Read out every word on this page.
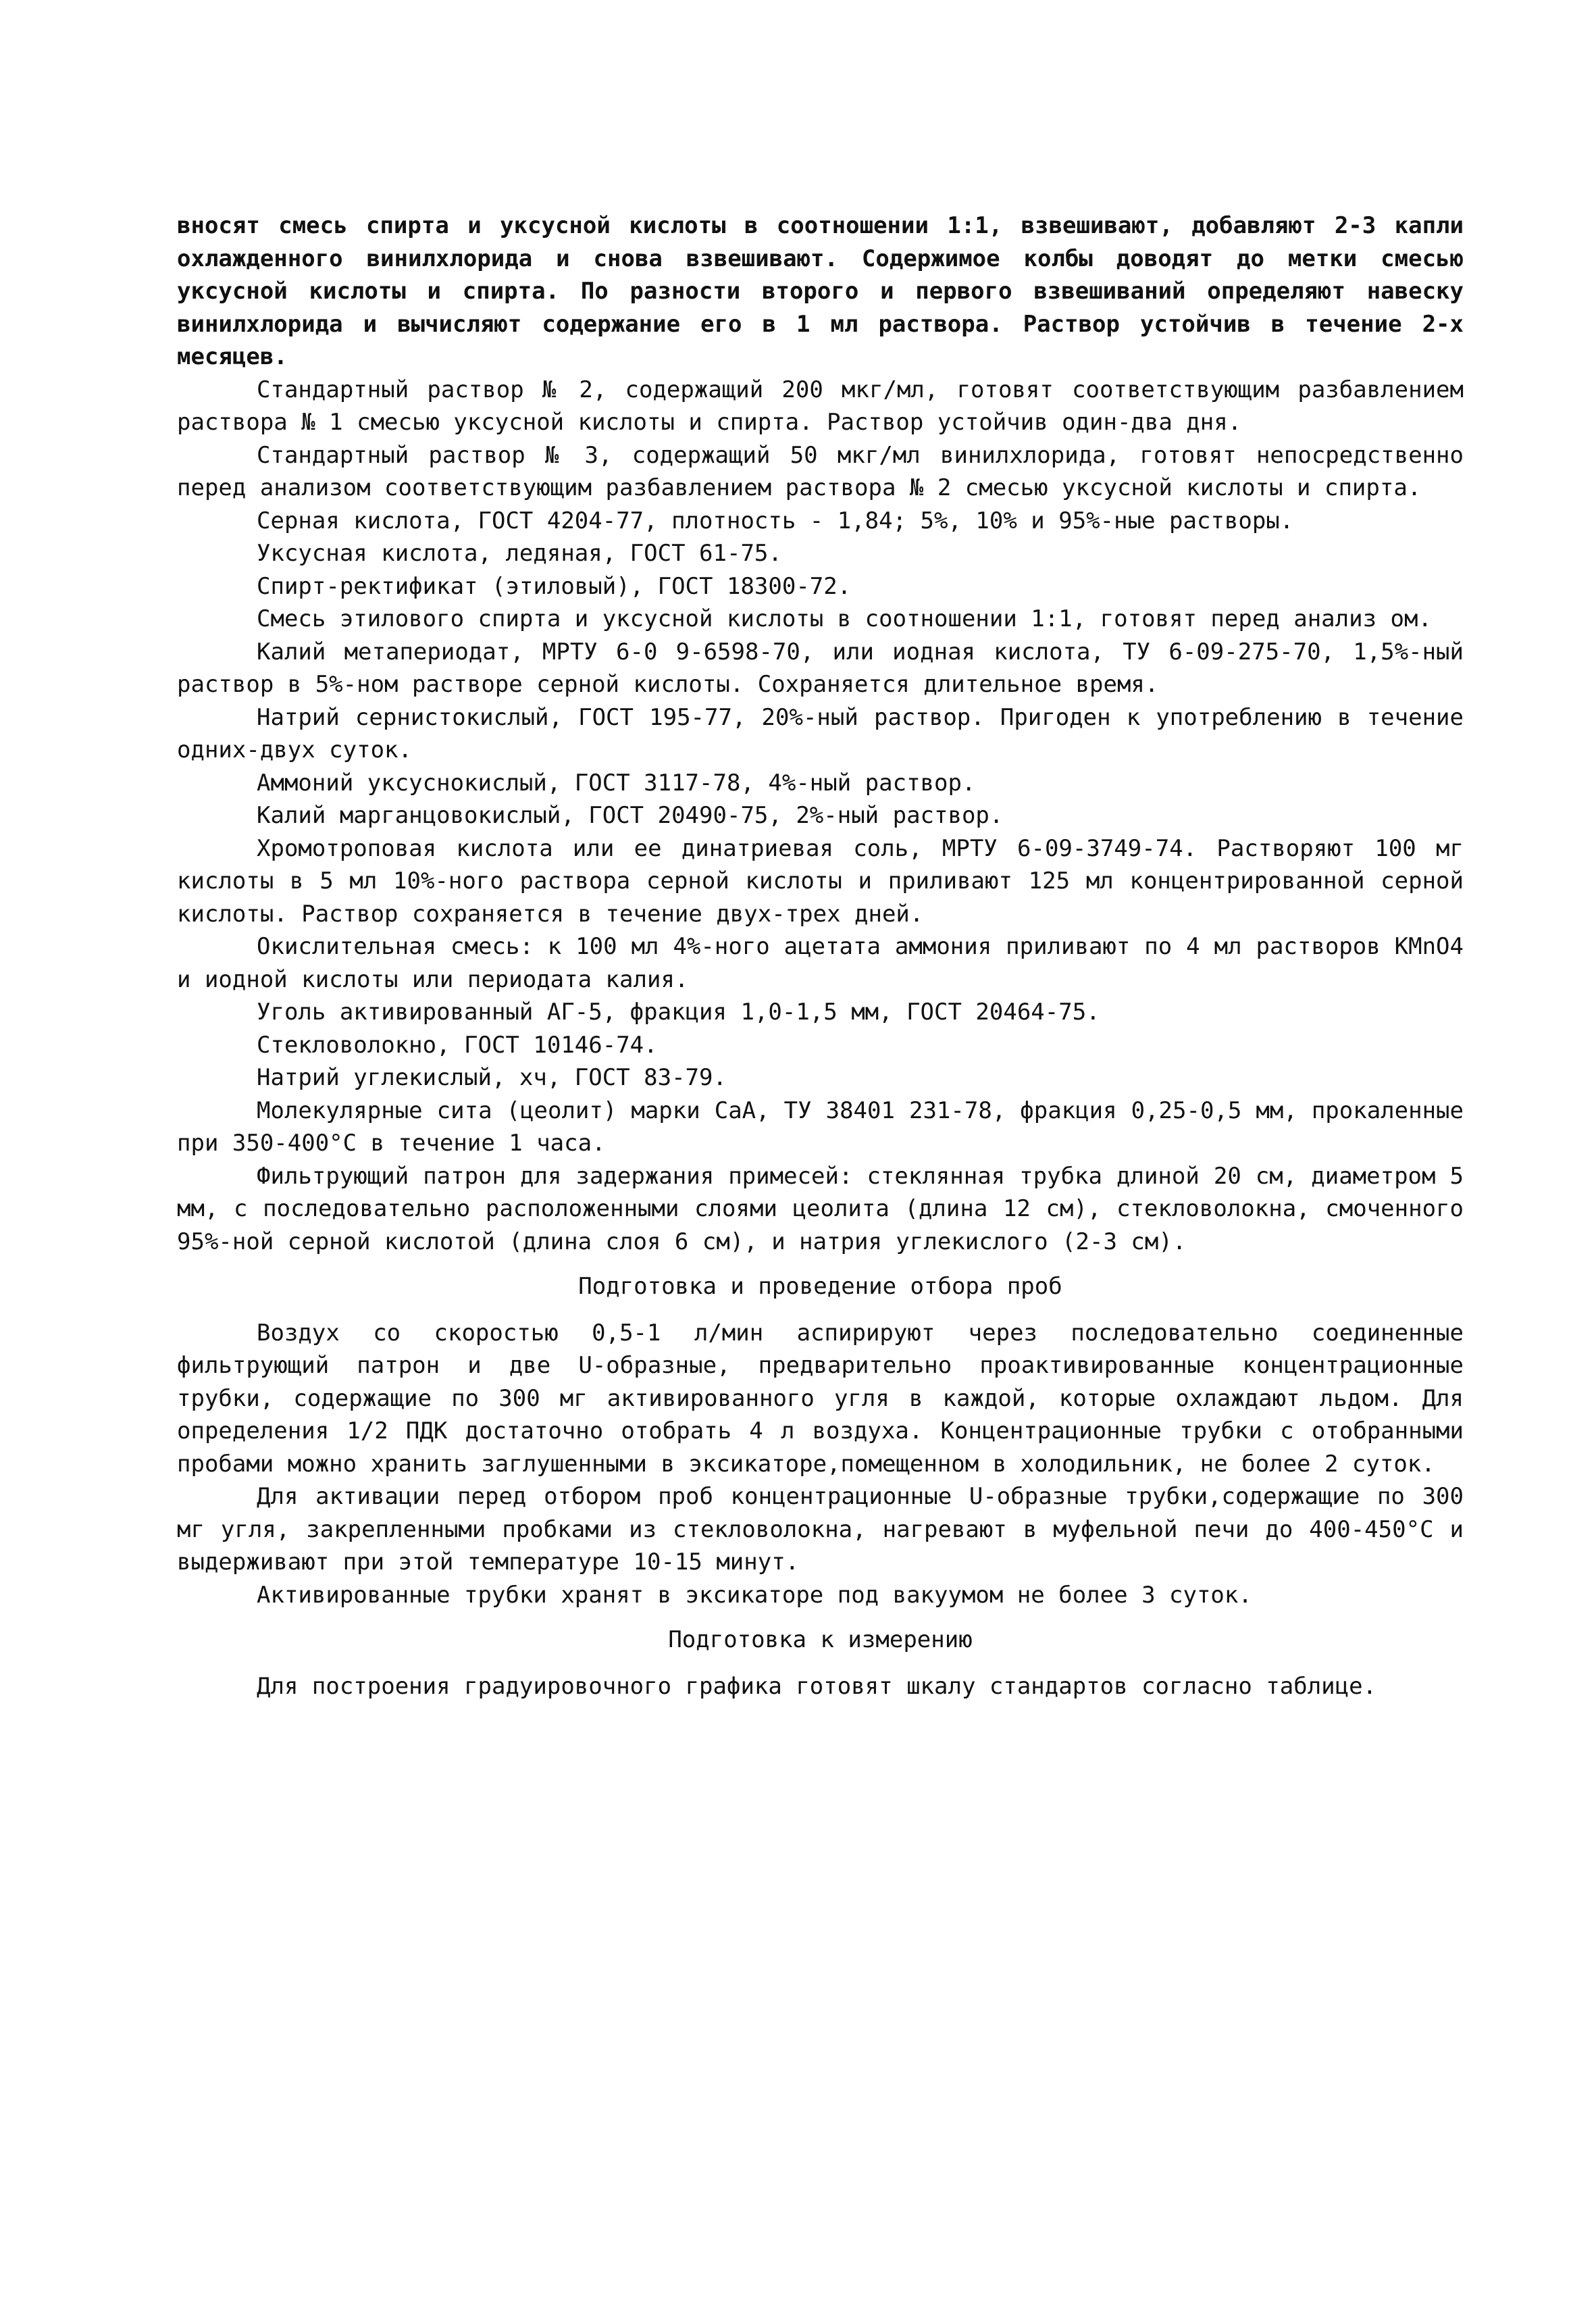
вносят смесь спирта и уксусной кислоты в соотношении 1:1, взвешивают, добавляют 2-3 капли охлажденного винилхлорида и снова взвешивают. Содержимое колбы доводят до метки смесью уксусной кислоты и спирта. По разности второго и первого взвешиваний определяют навеску винилхлорида и вычисляют содержание его в 1 мл раствора. Раствор устойчив в течение 2-х месяцев.

Стандартный раствор № 2, содержащий 200 мкг/мл, готовят соответствующим разбавлением раствора № 1 смесью уксусной кислоты и спирта. Раствор устойчив один-два дня.

Стандартный раствор № 3, содержащий 50 мкг/мл винилхлорида, готовят непосредственно перед анализом соответствующим разбавлением раствора № 2 смесью уксусной кислоты и спирта.

Серная кислота, ГОСТ 4204-77, плотность - 1,84; 5%, 10% и 95%-ные растворы.

Уксусная кислота, ледяная, ГОСТ 61-75.

Спирт-ректификат (этиловый), ГОСТ 18300-72.

Смесь этилового спирта и уксусной кислоты в соотношении 1:1, готовят перед анализ ом.

Калий метапериодат, МРТУ 6-0 9-6598-70, или иодная кислота, ТУ 6-09-275-70, 1,5%-ный раствор в 5%-ном растворе серной кислоты. Сохраняется длительное время.

Натрий сернистокислый, ГОСТ 195-77, 20%-ный раствор. Пригоден к употреблению в течение одних-двух суток.

Аммоний уксуснокислый, ГОСТ 3117-78, 4%-ный раствор.

Калий марганцовокислый, ГОСТ 20490-75, 2%-ный раствор.

Хромотроповая кислота или ее динатриевая соль, МРТУ 6-09-3749-74. Растворяют 100 мг кислоты в 5 мл 10%-ного раствора серной кислоты и приливают 125 мл концентрированной серной кислоты. Раствор сохраняется в течение двух-трех дней.

Окислительная смесь: к 100 мл 4%-ного ацетата аммония приливают по 4 мл растворов KMnO4 и иодной кислоты или периодата калия.

Уголь активированный АГ-5, фракция 1,0-1,5 мм, ГОСТ 20464-75.

Стекловолокно, ГОСТ 10146-74.

Натрий углекислый, хч, ГОСТ 83-79.

Молекулярные сита (цеолит) марки СаА, ТУ 38401 231-78, фракция 0,25-0,5 мм, прокаленные при 350-400°С в течение 1 часа.

Фильтрующий патрон для задержания примесей: стеклянная трубка длиной 20 см, диаметром 5 мм, с последовательно расположенными слоями цеолита (длина 12 см), стекловолокна, смоченного 95%-ной серной кислотой (длина слоя 6 см), и натрия углекислого (2-3 см).

Подготовка и проведение отбора проб

Воздух со скоростью 0,5-1 л/мин аспирируют через последовательно соединенные фильтрующий патрон и две U-образные, предварительно проактивированные концентрационные трубки, содержащие по 300 мг активированного угля в каждой, которые охлаждают льдом. Для определения 1/2 ПДК достаточно отобрать 4 л воздуха. Концентрационные трубки с отобранными пробами можно хранить заглушенными в эксикаторе,помещенном в холодильник, не более 2 суток.

Для активации перед отбором проб концентрационные U-образные трубки,содержащие по 300 мг угля, закрепленными пробками из стекловолокна, нагревают в муфельной печи до 400-450°С и выдерживают при этой температуре 10-15 минут.

Активированные трубки хранят в эксикаторе под вакуумом не более 3 суток.

Подготовка к измерению

Для построения градуировочного графика готовят шкалу стандартов согласно таблице.
